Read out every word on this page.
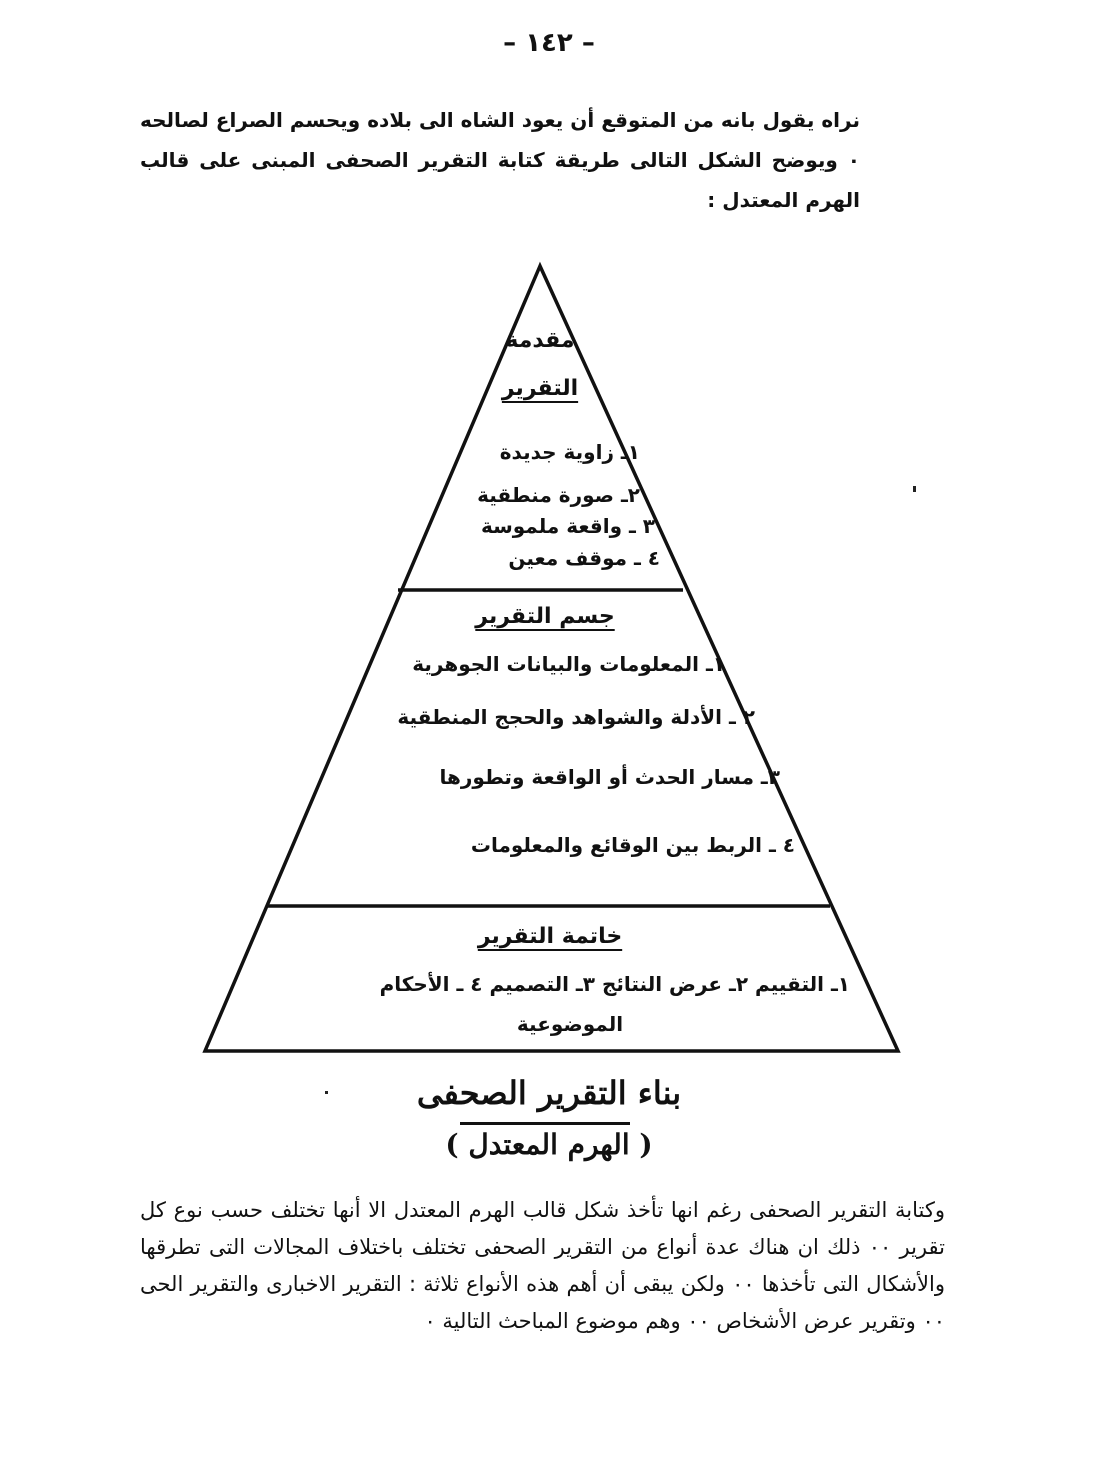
– ١٤٢ –
نراه يقول بانه من المتوقع أن يعود الشاه الى بلاده ويحسم الصراع لصالحه ٠ ويوضح الشكل التالى طريقة كتابة التقرير الصحفى المبنى على قالب الهرم المعتدل :
مقدمة
التقرير
١ـ زاوية جديدة
٢ـ صورة منطقية
٣ ـ واقعة ملموسة
٤ ـ موقف معين
جسم التقرير
١ـ المعلومات والبيانات الجوهرية
٢ ـ الأدلة والشواهد والحجج المنطقية
٣ـ مسار الحدث أو الواقعة وتطورها
٤ ـ الربط بين الوقائع والمعلومات
خاتمة التقرير
١ـ التقييم ٢ـ عرض النتائج ٣ـ التصميم ٤ ـ الأحكام
الموضوعية
بناء التقرير الصحفى
( الهرم المعتدل )
وكتابة التقرير الصحفى رغم انها تأخذ شكل قالب الهرم المعتدل الا أنها تختلف حسب نوع كل تقرير ٠٠ ذلك ان هناك عدة أنواع من التقرير الصحفى تختلف باختلاف المجالات التى تطرقها والأشكال التى تأخذها ٠٠ ولكن يبقى أن أهم هذه الأنواع ثلاثة : التقرير الاخبارى والتقرير الحى ٠٠ وتقرير عرض الأشخاص ٠٠ وهم موضوع المباحث التالية ٠
